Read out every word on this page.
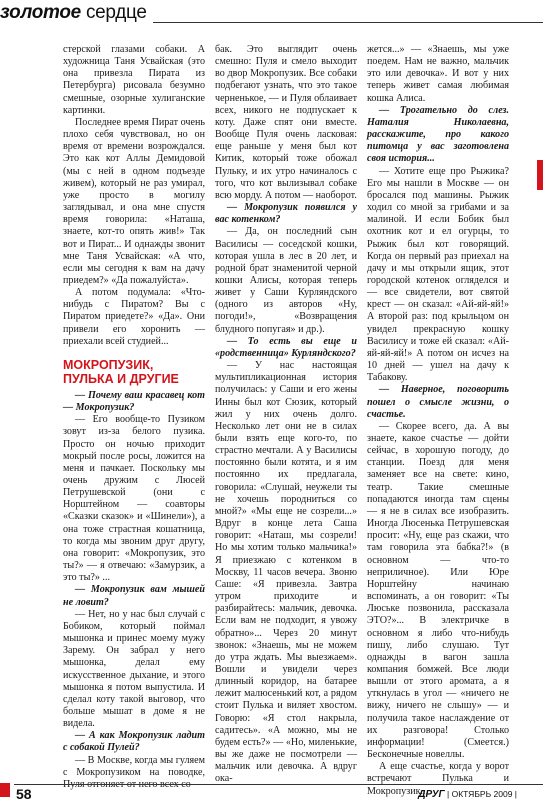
золотое сердце

стерской глазами собаки. А художница Таня Усвайская (это она привезла Пирата из Петербурга) рисовала безумно смешные, озорные хулиганские картинки.

Последнее время Пират очень плохо себя чувствовал, но он время от времени возрождался. Это как кот Аллы Демидовой (мы с ней в одном подъезде живем), который не раз умирал, уже просто в могилу заглядывал, и она мне спустя время говорила: «Наташа, знаете, кот-то опять жив!» Так вот и Пират... И однажды звонит мне Таня Усвайская: «А что, если мы сегодня к вам на дачу приедем?» «Да пожалуйста».

А потом подумала: «Что-нибудь с Пиратом? Вы с Пиратом приедете?» «Да». Они привели его хоронить — приехали всей студией...

МОКРОПУЗИК, ПУЛЬКА И ДРУГИЕ

— Почему ваш красавец кот — Мокропузик?

— Его вообще-то Пузиком зовут из-за белого пузика. Просто он ночью приходит мокрый после росы, ложится на меня и пачкает. Поскольку мы очень дружим с Люсей Петрушевской (они с Норштейном — соавторы «Сказки сказок» и «Шинели»), а она тоже страстная кошатница, то когда мы звоним друг другу, она говорит: «Мокропузик, это ты?» — я отвечаю: «Замурзик, а это ты?» ...

— Мокропузик вам мышей не ловит?

— Нет, но у нас был случай с Бобиком, который поймал мышонка и принес моему мужу Зарему. Он забрал у него мышонка, делал ему искусственное дыхание, и этого мышонка я потом выпустила. И сделал коту такой выговор, что больше мышат в доме я не видела.

— А как Мокропузик ладит с собакой Пулей?

— В Москве, когда мы гуляем с Мокропузиком на поводке,

бак. Это выглядит очень смешно: Пуля и смело выходит во двор Мокропузик. Все собаки подбегают узнать, что это такое черненькое, — и Пуля облаивает всех, никого не подпускает к коту. Даже спят они вместе. Вообще Пуля очень ласковая: еще раньше у меня был кот Китик, который тоже обожал Пульку, и их утро начиналось с того, что кот вылизывал собаке всю морду. А потом — наоборот.

— Мокропузик появился у вас котенком?

— Да, он последний сын Василисы — соседской кошки, которая ушла в лес в 20 лет, и родной брат знаменитой черной кошки Алисы, которая теперь живет у Саши Курляндского (одного из авторов «Ну, погоди!», «Возвращения блудного попугая» и др.).

— То есть вы еще и «родственница» Курляндского?

— У нас настоящая мультипликационная история получилась: у Саши и его жены Инны был кот Сюзик, который жил у них очень долго. Несколько лет они не в силах были взять еще кого-то, по страстно мечтали. А у Василисы постоянно были котята, и я им постоянно их предлагала, говорила: «Слушай, неужели ты не хочешь породниться со мной?» «Мы еще не созрели...» Вдруг в конце лета Саша говорит: «Наташ, мы созрели! Но мы хотим только мальчика!» Я приезжаю с котенком в Москву, 11 часов вечера. Звоню Саше: «Я привезла. Завтра утром приходите и разбирайтесь: мальчик, девочка. Если вам не подходит, я увожу обратно»... Через 20 минут звонок: «Знаешь, мы не можем до утра ждать. Мы выезжаем». Вошли и увидели через длинный коридор, на батарее лежит малюсенький кот, а рядом стоит Пулька и виляет хвостом. Говорю: «Я стол накрыла, садитесь». «А можно, мы не будем есть?» — «Но, миленькие, вы же даже не посмотрели — мальчик или девочка. А вдруг ока-

жется...» — «Знаешь, мы уже поедем. Нам не важно, мальчик это или девочка». И вот у них теперь живет самая любимая кошка Алиса.

— Трогательно до слез. Наталия Николаевна, расскажите, про какого питомца у вас заготовлена своя история...

— Хотите еще про Рыжика? Его мы нашли в Москве — он бросался под машины. Рыжик ходил со мной за грибами и за малиной. И если Бобик был охотник кот и ел огурцы, то Рыжик был кот говорящий. Когда он первый раз приехал на дачу и мы открыли ящик, этот городской котенок огляделся и — все свидетели, вот святой крест — он сказал: «Ай-яй-яй!» А второй раз: под крыльцом он увидел прекрасную кошку Василису и тоже ей сказал: «Ай-яй-яй-яй!» А потом он исчез на 10 дней — ушел на дачу к Табакову.

— Наверное, поговорить пошел о смысле жизни, о счастье.

— Скорее всего, да. А вы знаете, какое счастье — дойти сейчас, в хорошую погоду, до станции. Поезд для меня заменяет все на свете: кино, театр. Такие смешные попадаются иногда там сцены — я не в силах все изобразить. Иногда Люсенька Петрушевская просит: «Ну, еще раз скажи, что там говорила эта бабка?!» (в основном — что-то неприличное). Или Юре Норштейну начинаю вспоминать, а он говорит: «Ты Люське позвонила, рассказала ЭТО?»... В электричке в основном я либо что-нибудь пишу, либо слушаю. Тут однажды в вагон зашла компания бомжей. Все люди вышли от этого аромата, а я уткнулась в угол — «ничего не вижу, ничего не слышу» — и получила такое наслаждение от их разговора! Столько информации! (Смеется.) Бесконечные новеллы.

А еще счастье, когда у ворот встречают Пулька и Мокропузик...

58	ДРУГ | ОКТЯБРЬ 2009 |
